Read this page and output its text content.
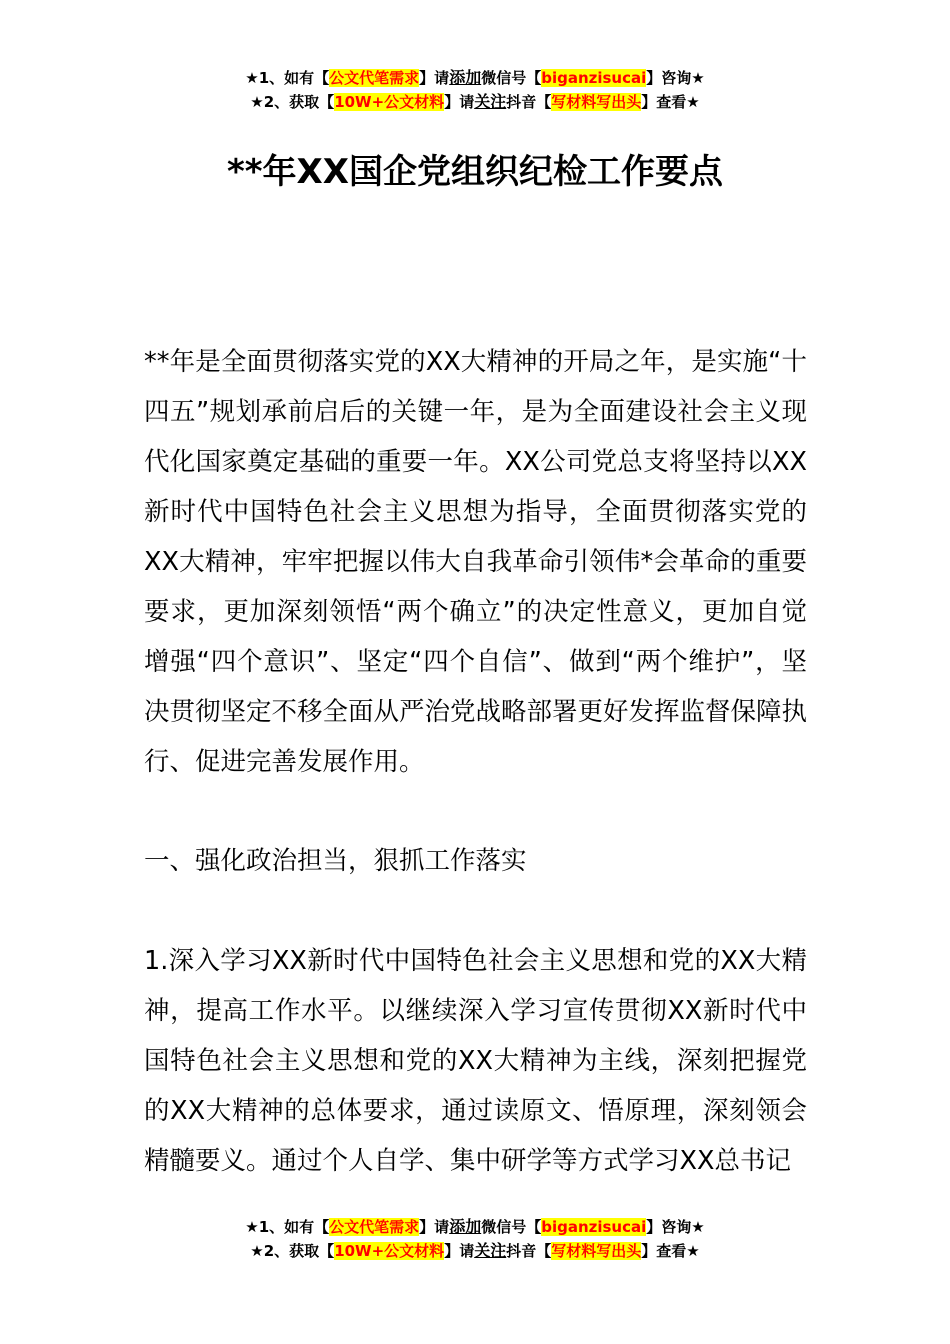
★1、如有【公文代笔需求】请添加微信号【biganzisucai】咨询★
★2、获取【10W+公文材料】请关注抖音【写材料写出头】查看★
**年XX国企党组织纪检工作要点

**年是全面贯彻落实党的XX大精神的开局之年，是实施“十四五”规划承前启后的关键一年，是为全面建设社会主义现代化国家奠定基础的重要一年。XX公司党总支将坚持以XX新时代中国特色社会主义思想为指导，全面贯彻落实党的XX大精神，牢牢把握以伟大自我革命引领伟*会革命的重要要求，更加深刻领悟“两个确立”的决定性意义，更加自觉增强“四个意识”、坚定“四个自信”、做到“两个维护”，坚决贯彻坚定不移全面从严治党战略部署更好发挥监督保障执行、促进完善发展作用。

一、强化政治担当，狠抓工作落实

1.深入学习XX新时代中国特色社会主义思想和党的XX大精神，提高工作水平。以继续深入学习宣传贯彻XX新时代中国特色社会主义思想和党的XX大精神为主线，深刻把握党的XX大精神的总体要求，通过读原文、悟原理，深刻领会精髓要义。通过个人自学、集中研学等方式学习XX总书记

★1、如有【公文代笔需求】请添加微信号【biganzisucai】咨询★
★2、获取【10W+公文材料】请关注抖音【写材料写出头】查看★
